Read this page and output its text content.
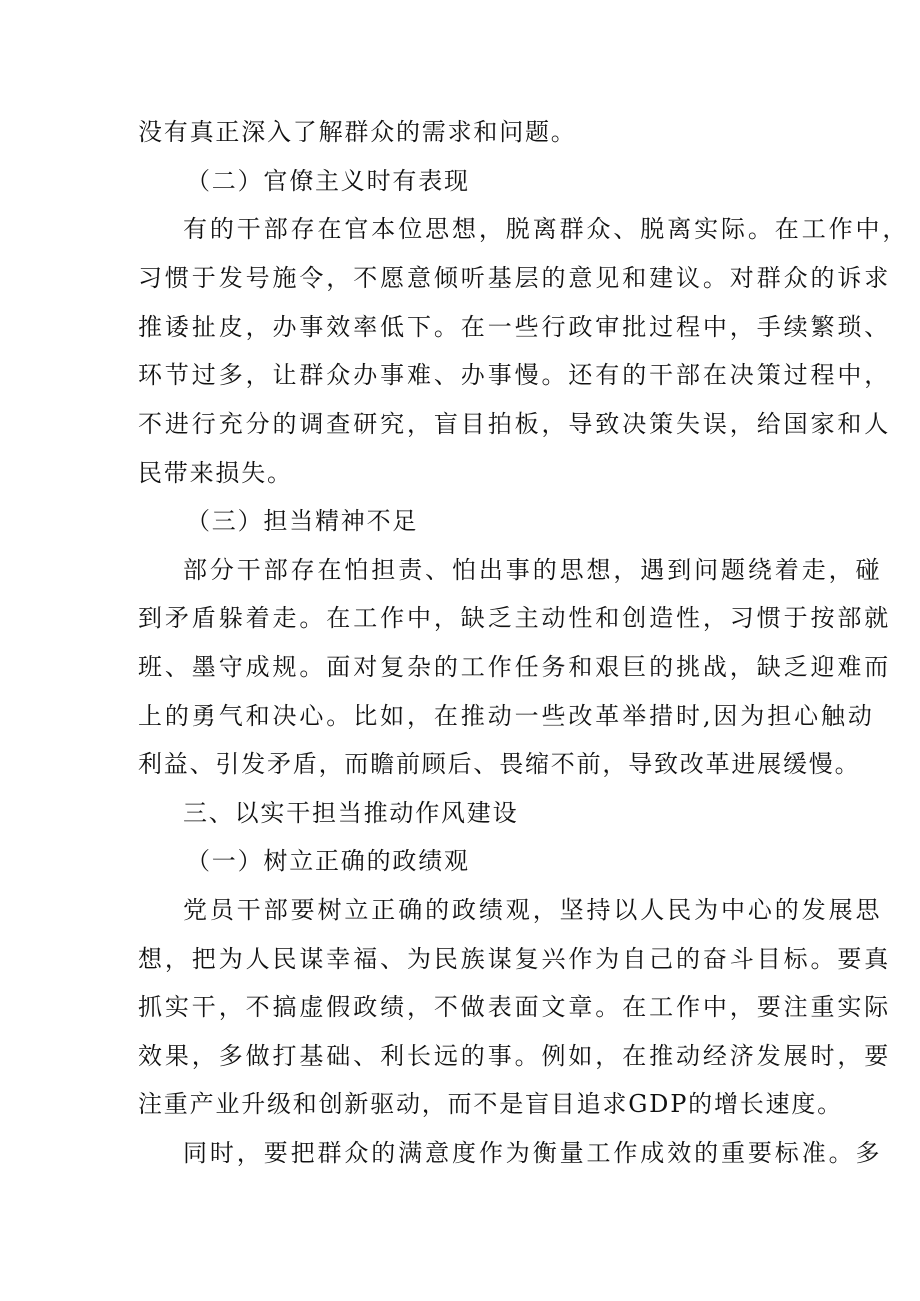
没有真正深入了解群众的需求和问题。
（二）官僚主义时有表现
有的干部存在官本位思想，脱离群众、脱离实际。在工作中，
习惯于发号施令，不愿意倾听基层的意见和建议。对群众的诉求
推诿扯皮，办事效率低下。在一些行政审批过程中，手续繁琐、
环节过多，让群众办事难、办事慢。还有的干部在决策过程中，
不进行充分的调查研究，盲目拍板，导致决策失误，给国家和人
民带来损失。
（三）担当精神不足
部分干部存在怕担责、怕出事的思想，遇到问题绕着走，碰
到矛盾躲着走。在工作中，缺乏主动性和创造性，习惯于按部就
班、墨守成规。面对复杂的工作任务和艰巨的挑战，缺乏迎难而
上的勇气和决心。比如，在推动一些改革举措时,因为担心触动
利益、引发矛盾，而瞻前顾后、畏缩不前，导致改革进展缓慢。
三、以实干担当推动作风建设
（一）树立正确的政绩观
党员干部要树立正确的政绩观，坚持以人民为中心的发展思
想，把为人民谋幸福、为民族谋复兴作为自己的奋斗目标。要真
抓实干，不搞虚假政绩，不做表面文章。在工作中，要注重实际
效果，多做打基础、利长远的事。例如，在推动经济发展时，要
注重产业升级和创新驱动，而不是盲目追求GDP的增长速度。
同时，要把群众的满意度作为衡量工作成效的重要标准。多
